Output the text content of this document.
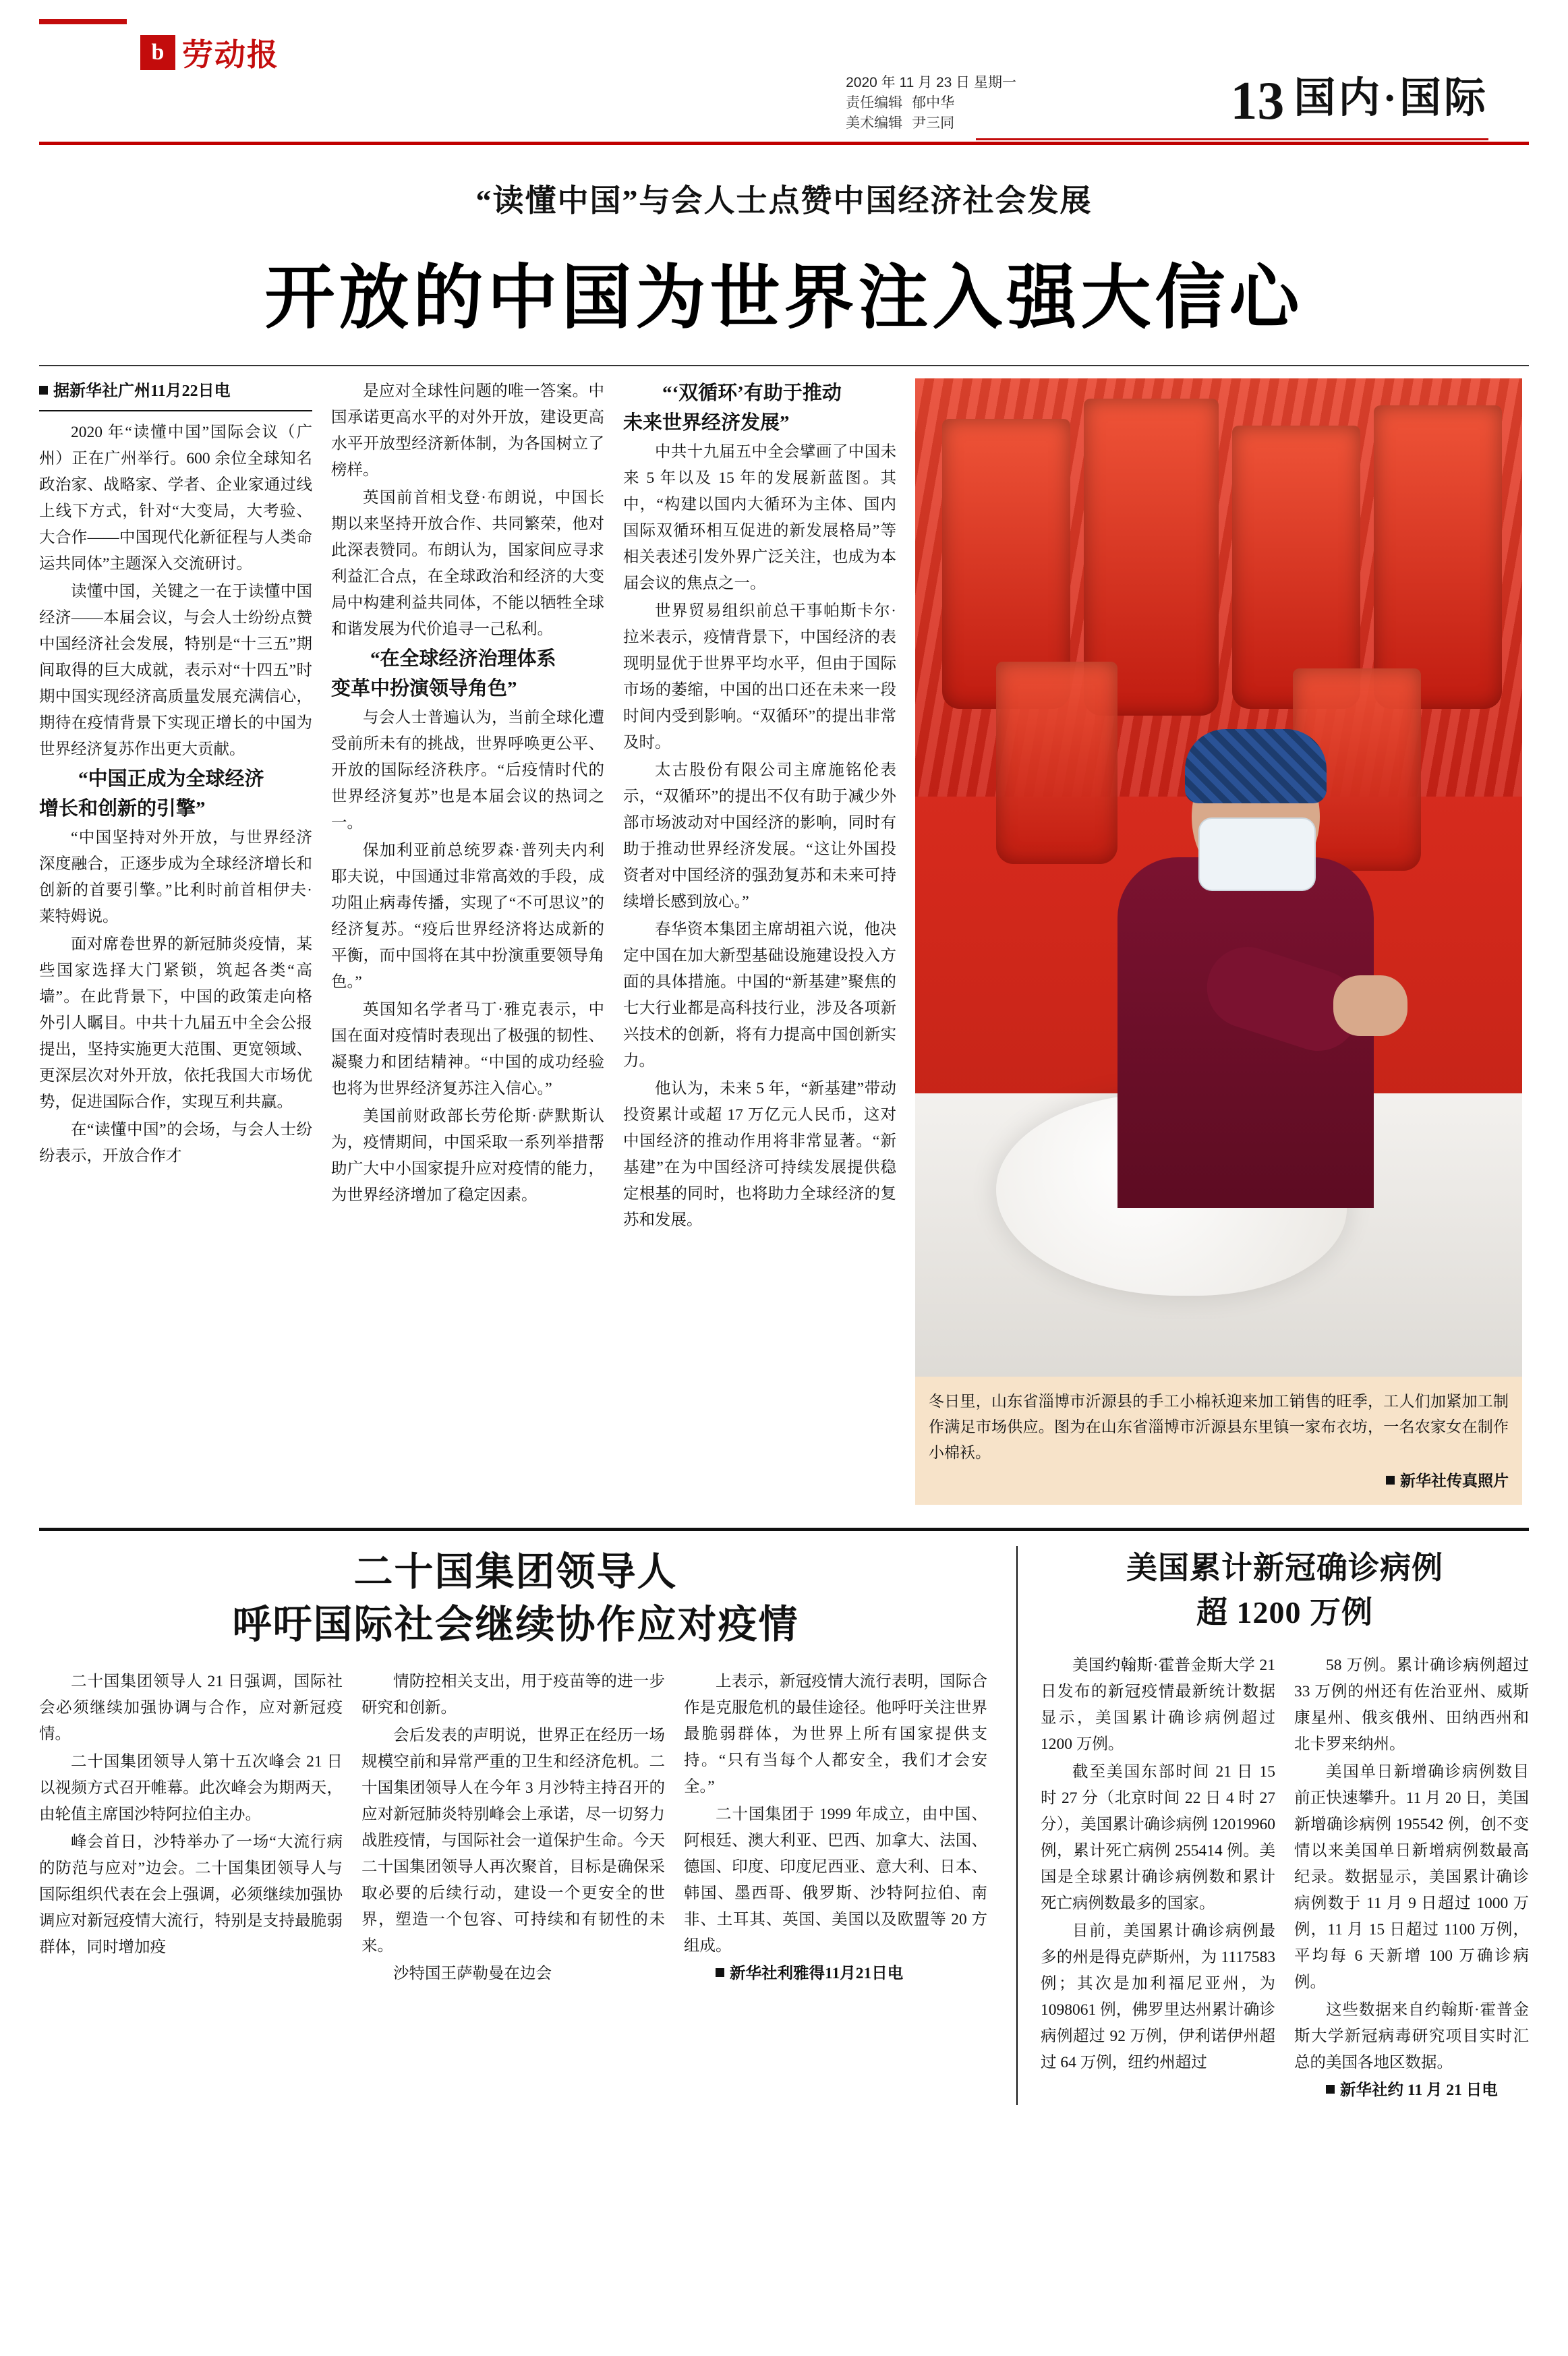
b 劳动报
2020 年 11 月 23 日 星期一
责任编辑 郁中华
美术编辑 尹三同	13 国内·国际
“读懂中国”与会人士点赞中国经济社会发展
开放的中国为世界注入强大信心
据新华社广州11月22日电

2020 年“读懂中国”国际会议（广州）正在广州举行。600 余位全球知名政治家、战略家、学者、企业家通过线上线下方式，针对“大变局，大考验、大合作——中国现代化新征程与人类命运共同体”主题深入交流研讨。

读懂中国，关键之一在于读懂中国经济——本届会议，与会人士纷纷点赞中国经济社会发展，特别是“十三五”期间取得的巨大成就，表示对“十四五”时期中国实现经济高质量发展充满信心，期待在疫情背景下实现正增长的中国为世界经济复苏作出更大贡献。

“中国正成为全球经济
增长和创新的引擎”

“中国坚持对外开放，与世界经济深度融合，正逐步成为全球经济增长和创新的首要引擎。”比利时前首相伊夫·莱特姆说。

面对席卷世界的新冠肺炎疫情，某些国家选择大门紧锁，筑起各类“高墙”。在此背景下，中国的政策走向格外引人瞩目。中共十九届五中全会公报提出，坚持实施更大范围、更宽领域、更深层次对外开放，依托我国大市场优势，促进国际合作，实现互利共赢。

在“读懂中国”的会场，与会人士纷纷表示，开放合作才

是应对全球性问题的唯一答案。中国承诺更高水平的对外开放，建设更高水平开放型经济新体制，为各国树立了榜样。

英国前首相戈登·布朗说，中国长期以来坚持开放合作、共同繁荣，他对此深表赞同。布朗认为，国家间应寻求利益汇合点，在全球政治和经济的大变局中构建利益共同体，不能以牺牲全球和谐发展为代价追寻一己私利。

“在全球经济治理体系
变革中扮演领导角色”

与会人士普遍认为，当前全球化遭受前所未有的挑战，世界呼唤更公平、开放的国际经济秩序。“后疫情时代的世界经济复苏”也是本届会议的热词之一。

保加利亚前总统罗森·普列夫内利耶夫说，中国通过非常高效的手段，成功阻止病毒传播，实现了“不可思议”的经济复苏。“疫后世界经济将达成新的平衡，而中国将在其中扮演重要领导角色。”

英国知名学者马丁·雅克表示，中国在面对疫情时表现出了极强的韧性、凝聚力和团结精神。“中国的成功经验也将为世界经济复苏注入信心。”

美国前财政部长劳伦斯·萨默斯认为，疫情期间，中国采取一系列举措帮助广大中小国家提升应对疫情的能力，为世界经济增加了稳定因素。

“‘双循环’有助于推动
未来世界经济发展”

中共十九届五中全会擘画了中国未来 5 年以及 15 年的发展新蓝图。其中，“构建以国内大循环为主体、国内国际双循环相互促进的新发展格局”等相关表述引发外界广泛关注，也成为本届会议的焦点之一。

世界贸易组织前总干事帕斯卡尔·拉米表示，疫情背景下，中国经济的表现明显优于世界平均水平，但由于国际市场的萎缩，中国的出口还在未来一段时间内受到影响。“双循环”的提出非常及时。

太古股份有限公司主席施铭伦表示，“双循环”的提出不仅有助于减少外部市场波动对中国经济的影响，同时有助于推动世界经济发展。“这让外国投资者对中国经济的强劲复苏和未来可持续增长感到放心。”

春华资本集团主席胡祖六说，他决定中国在加大新型基础设施建设投入方面的具体措施。中国的“新基建”聚焦的七大行业都是高科技行业，涉及各项新兴技术的创新，将有力提高中国创新实力。

他认为，未来 5 年，“新基建”带动投资累计或超 17 万亿元人民币，这对中国经济的推动作用将非常显著。“新基建”在为中国经济可持续发展提供稳定根基的同时，也将助力全球经济的复苏和发展。

冬日里，山东省淄博市沂源县的手工小棉袄迎来加工销售的旺季，工人们加紧加工制作满足市场供应。图为在山东省淄博市沂源县东里镇一家布衣坊，一名农家女在制作小棉袄。
新华社传真照片
二十国集团领导人
呼吁国际社会继续协作应对疫情

二十国集团领导人 21 日强调，国际社会必须继续加强协调与合作，应对新冠疫情。

二十国集团领导人第十五次峰会 21 日以视频方式召开帷幕。此次峰会为期两天，由轮值主席国沙特阿拉伯主办。

峰会首日，沙特举办了一场“大流行病的防范与应对”边会。二十国集团领导人与国际组织代表在会上强调，必须继续加强协调应对新冠疫情大流行，特别是支持最脆弱群体，同时增加疫

情防控相关支出，用于疫苗等的进一步研究和创新。

会后发表的声明说，世界正在经历一场规模空前和异常严重的卫生和经济危机。二十国集团领导人在今年 3 月沙特主持召开的应对新冠肺炎特别峰会上承诺，尽一切努力战胜疫情，与国际社会一道保护生命。今天二十国集团领导人再次聚首，目标是确保采取必要的后续行动，建设一个更安全的世界，塑造一个包容、可持续和有韧性的未来。

沙特国王萨勒曼在边会

上表示，新冠疫情大流行表明，国际合作是克服危机的最佳途径。他呼吁关注世界最脆弱群体，为世界上所有国家提供支持。“只有当每个人都安全，我们才会安全。”

二十国集团于 1999 年成立，由中国、阿根廷、澳大利亚、巴西、加拿大、法国、德国、印度、印度尼西亚、意大利、日本、韩国、墨西哥、俄罗斯、沙特阿拉伯、南非、土耳其、英国、美国以及欧盟等 20 方组成。

新华社利雅得11月21日电

美国累计新冠确诊病例
超 1200 万例

美国约翰斯·霍普金斯大学 21 日发布的新冠疫情最新统计数据显示，美国累计确诊病例超过 1200 万例。

截至美国东部时间 21 日 15 时 27 分（北京时间 22 日 4 时 27 分），美国累计确诊病例 12019960 例，累计死亡病例 255414 例。美国是全球累计确诊病例数和累计死亡病例数最多的国家。

目前，美国累计确诊病例最多的州是得克萨斯州，为 1117583 例；其次是加利福尼亚州，为 1098061 例，佛罗里达州累计确诊病例超过 92 万例，伊利诺伊州超过 64 万例，纽约州超过

58 万例。累计确诊病例超过 33 万例的州还有佐治亚州、威斯康星州、俄亥俄州、田纳西州和北卡罗来纳州。

美国单日新增确诊病例数目前正快速攀升。11 月 20 日，美国新增确诊病例 195542 例，创不变情以来美国单日新增病例数最高纪录。数据显示，美国累计确诊病例数于 11 月 9 日超过 1000 万例，11 月 15 日超过 1100 万例，平均每 6 天新增 100 万确诊病例。

这些数据来自约翰斯·霍普金斯大学新冠病毒研究项目实时汇总的美国各地区数据。

新华社约 11 月 21 日电
